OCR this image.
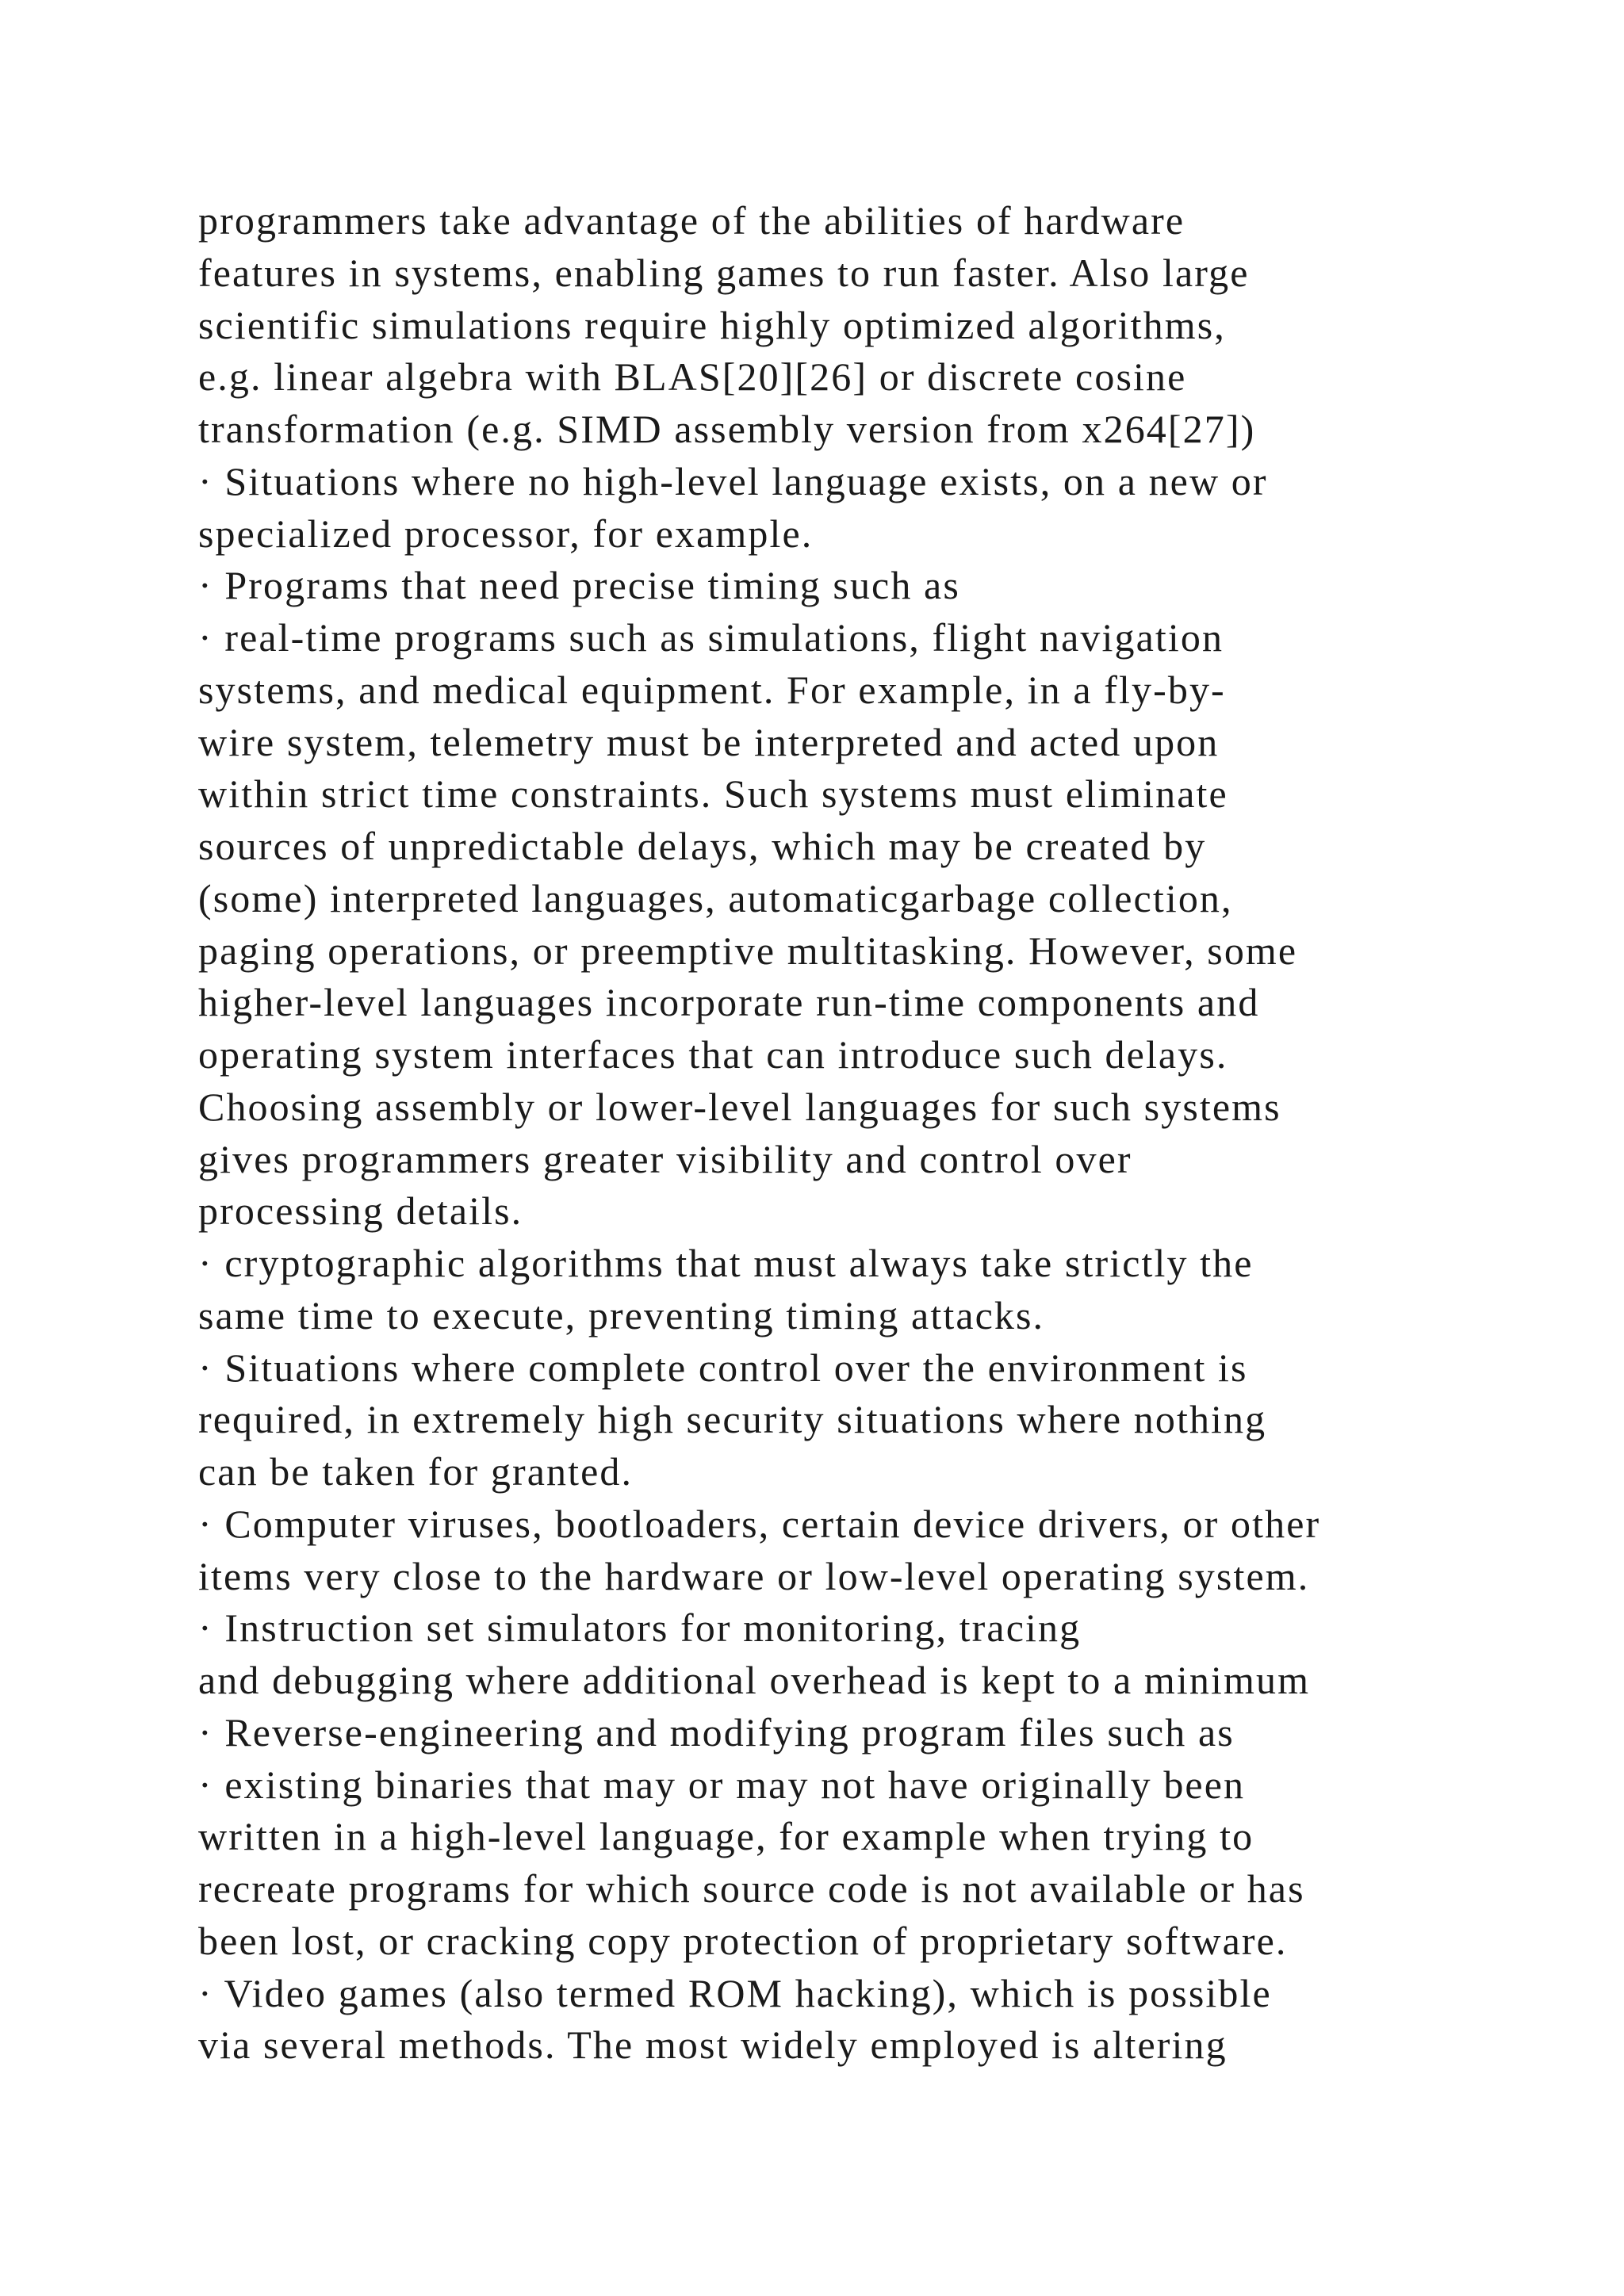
programmers take advantage of the abilities of hardware
features in systems, enabling games to run faster. Also large
scientific simulations require highly optimized algorithms,
e.g. linear algebra with BLAS[20][26] or discrete cosine
transformation (e.g. SIMD assembly version from x264[27])
· Situations where no high-level language exists, on a new or
specialized processor, for example.
· Programs that need precise timing such as
· real-time programs such as simulations, flight navigation
systems, and medical equipment. For example, in a fly-by-
wire system, telemetry must be interpreted and acted upon
within strict time constraints. Such systems must eliminate
sources of unpredictable delays, which may be created by
(some) interpreted languages, automaticgarbage collection,
paging operations, or preemptive multitasking. However, some
higher-level languages incorporate run-time components and
operating system interfaces that can introduce such delays.
Choosing assembly or lower-level languages for such systems
gives programmers greater visibility and control over
processing details.
· cryptographic algorithms that must always take strictly the
same time to execute, preventing timing attacks.
· Situations where complete control over the environment is
required, in extremely high security situations where nothing
can be taken for granted.
· Computer viruses, bootloaders, certain device drivers, or other
items very close to the hardware or low-level operating system.
· Instruction set simulators for monitoring, tracing
and debugging where additional overhead is kept to a minimum
· Reverse-engineering and modifying program files such as
· existing binaries that may or may not have originally been
written in a high-level language, for example when trying to
recreate programs for which source code is not available or has
been lost, or cracking copy protection of proprietary software.
· Video games (also termed ROM hacking), which is possible
via several methods. The most widely employed is altering
